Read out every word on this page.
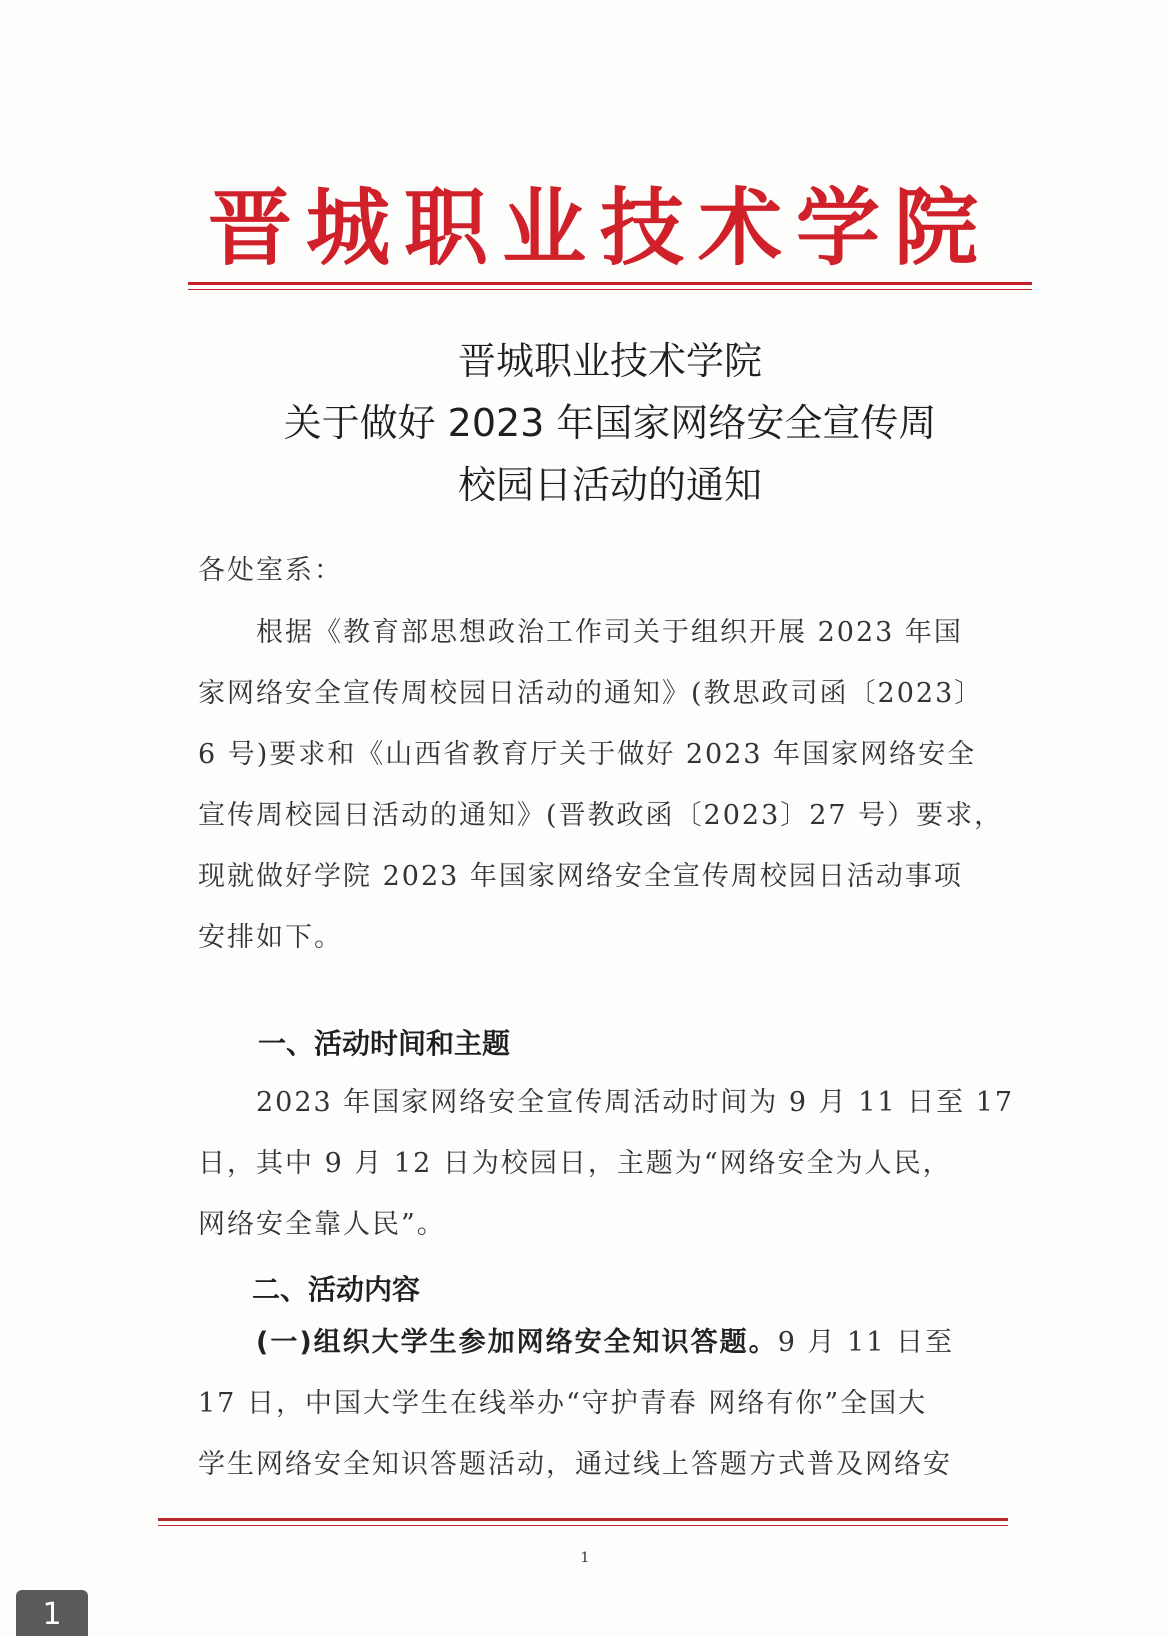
晋城职业技术学院
晋城职业技术学院
关于做好 2023 年国家网络安全宣传周
校园日活动的通知
各处室系：
　　根据《教育部思想政治工作司关于组织开展 2023 年国
家网络安全宣传周校园日活动的通知》(教思政司函〔2023〕
6 号)要求和《山西省教育厅关于做好 2023 年国家网络安全
宣传周校园日活动的通知》(晋教政函〔2023〕27 号）要求，
现就做好学院 2023 年国家网络安全宣传周校园日活动事项
安排如下。
一、活动时间和主题
　　2023 年国家网络安全宣传周活动时间为 9 月 11 日至 17
日，其中 9 月 12 日为校园日，主题为“网络安全为人民，
网络安全靠人民”。
二、活动内容
　　(一)组织大学生参加网络安全知识答题。9 月 11 日至
17 日，中国大学生在线举办“守护青春 网络有你”全国大
学生网络安全知识答题活动，通过线上答题方式普及网络安
1
1
